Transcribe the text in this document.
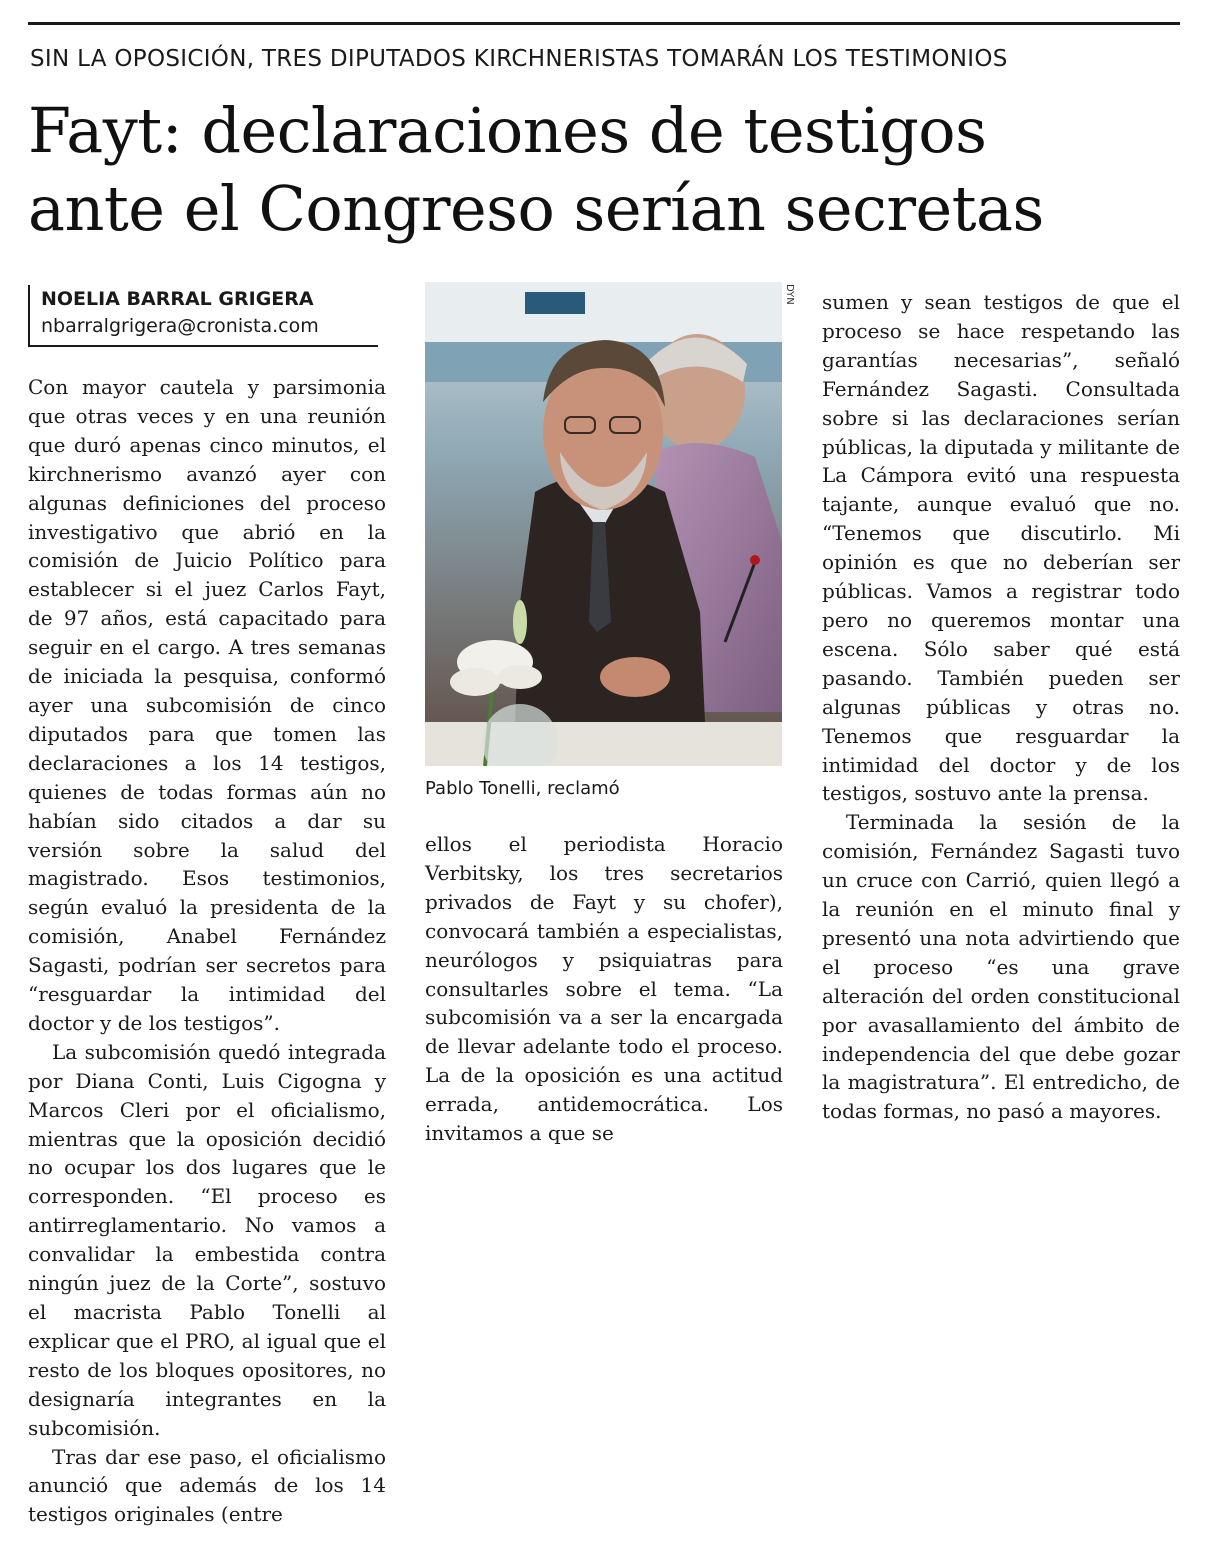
SIN LA OPOSICIÓN, TRES DIPUTADOS KIRCHNERISTAS TOMARÁN LOS TESTIMONIOS
Fayt: declaraciones de testigos
ante el Congreso serían secretas
NOELIA BARRAL GRIGERA
nbarralgrigera@cronista.com
DYN
Pablo Tonelli, reclamó

Con mayor cautela y parsimonia que otras veces y en una reunión que duró apenas cinco minutos, el kirchnerismo avanzó ayer con algunas definiciones del proceso investigativo que abrió en la comisión de Juicio Político para establecer si el juez Carlos Fayt, de 97 años, está capacitado para seguir en el cargo. A tres semanas de iniciada la pesquisa, conformó ayer una subcomisión de cinco diputados para que tomen las declaraciones a los 14 testigos, quienes de todas formas aún no habían sido citados a dar su versión sobre la salud del magistrado. Esos testimonios, según evaluó la presidenta de la comisión, Anabel Fernández Sagasti, podrían ser secretos para “resguardar la intimidad del doctor y de los testigos”.

La subcomisión quedó integrada por Diana Conti, Luis Cigogna y Marcos Cleri por el oficialismo, mientras que la oposición decidió no ocupar los dos lugares que le corresponden. “El proceso es antirreglamentario. No vamos a convalidar la embestida contra ningún juez de la Corte”, sostuvo el macrista Pablo Tonelli al explicar que el PRO, al igual que el resto de los bloques opositores, no designaría integrantes en la subcomisión.

Tras dar ese paso, el oficialismo anunció que además de los 14 testigos originales (entre

ellos el periodista Horacio Verbitsky, los tres secretarios privados de Fayt y su chofer), convocará también a especialistas, neurólogos y psiquiatras para consultarles sobre el tema. “La subcomisión va a ser la encargada de llevar adelante todo el proceso. La de la oposición es una actitud errada, antidemocrática. Los invitamos a que se

sumen y sean testigos de que el proceso se hace respetando las garantías necesarias”, señaló Fernández Sagasti. Consultada sobre si las declaraciones serían públicas, la diputada y militante de La Cámpora evitó una respuesta tajante, aunque evaluó que no. “Tenemos que discutirlo. Mi opinión es que no deberían ser públicas. Vamos a registrar todo pero no queremos montar una escena. Sólo saber qué está pasando. También pueden ser algunas públicas y otras no. Tenemos que resguardar la intimidad del doctor y de los testigos, sostuvo ante la prensa.

Terminada la sesión de la comisión, Fernández Sagasti tuvo un cruce con Carrió, quien llegó a la reunión en el minuto final y presentó una nota advirtiendo que el proceso “es una grave alteración del orden constitucional por avasallamiento del ámbito de independencia del que debe gozar la magistratura”. El entredicho, de todas formas, no pasó a mayores.
